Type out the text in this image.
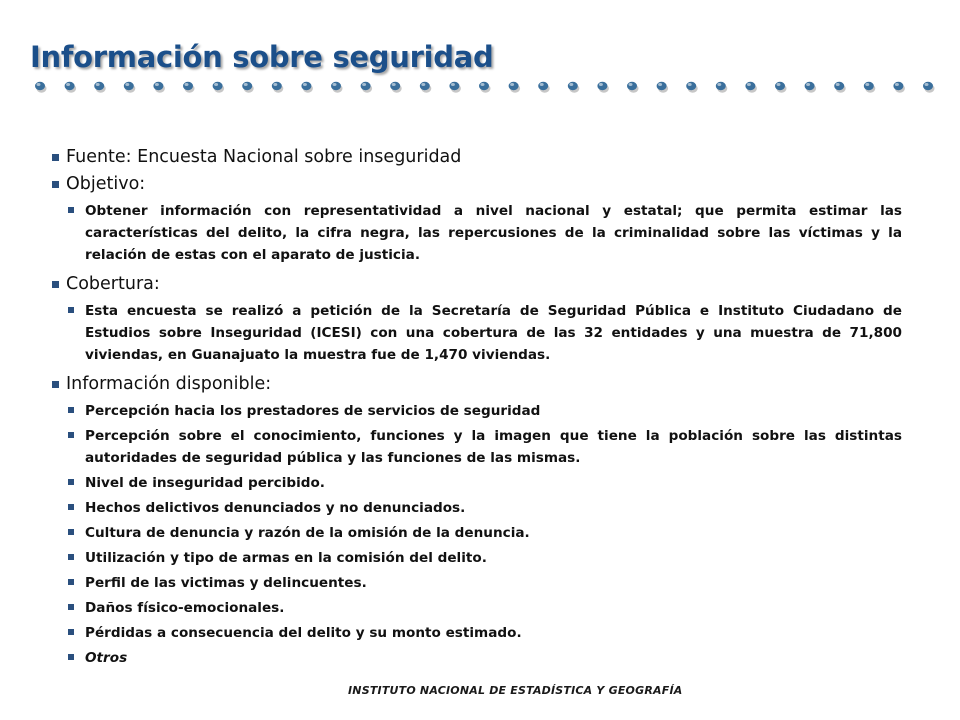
Información sobre seguridad
Fuente: Encuesta Nacional sobre inseguridad
Objetivo:
Obtener información con representatividad a nivel nacional y estatal; que permita estimar las características del delito, la cifra negra, las repercusiones de la criminalidad sobre las víctimas y la relación de estas con el aparato de justicia.
Cobertura:
Esta encuesta se realizó a petición de la Secretaría de Seguridad Pública e Instituto Ciudadano de Estudios sobre Inseguridad (ICESI) con una cobertura de las 32 entidades y una muestra de 71,800 viviendas, en Guanajuato la muestra fue de 1,470 viviendas.
Información disponible:
Percepción hacia los prestadores de servicios de seguridad
Percepción sobre el conocimiento, funciones y la imagen que tiene la población sobre las distintas autoridades de seguridad pública y las funciones de las mismas.
Nivel de inseguridad percibido.
Hechos delictivos denunciados y no denunciados.
Cultura de denuncia y razón de la omisión de la denuncia.
Utilización y tipo de armas en la comisión del delito.
Perfil de las victimas y delincuentes.
Daños físico-emocionales.
Pérdidas a consecuencia del delito y su monto estimado.
Otros

INSTITUTO NACIONAL DE ESTADÍSTICA Y GEOGRAFÍA
